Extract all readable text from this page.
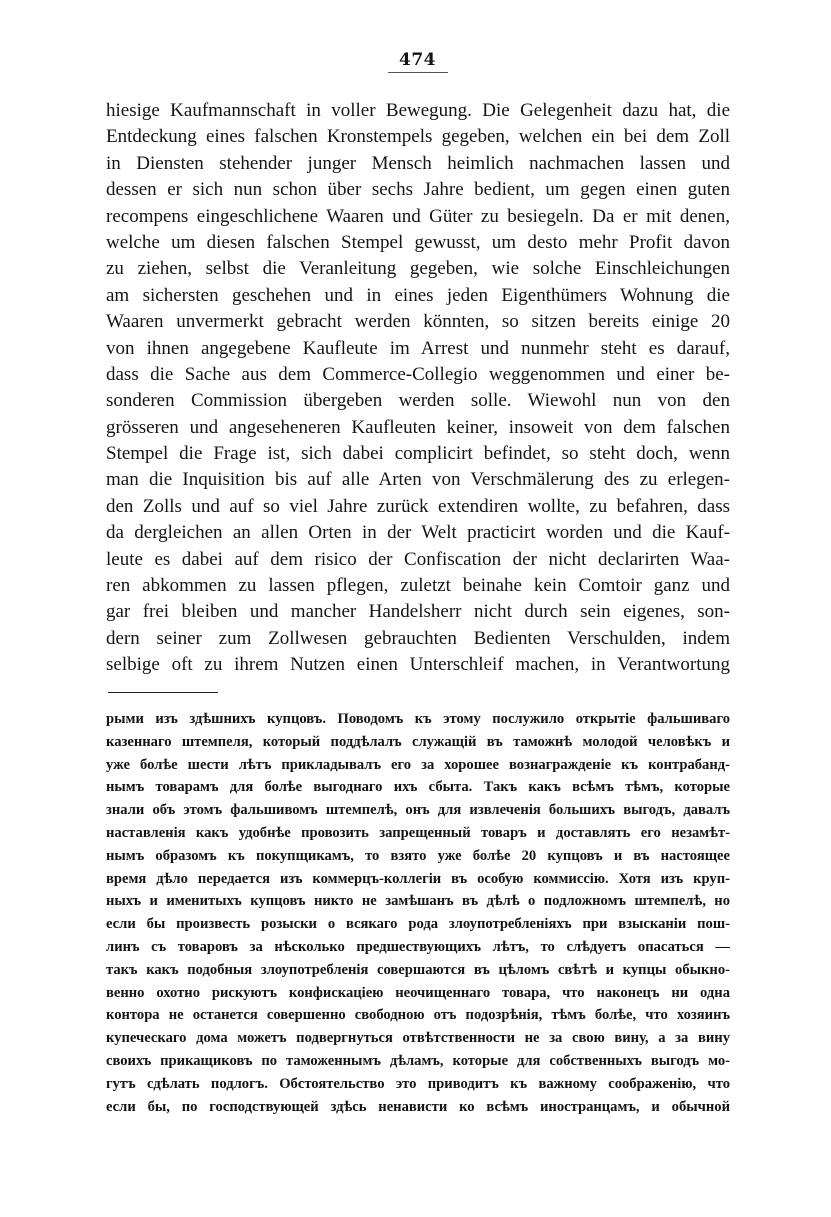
474
hiesige Kaufmannschaft in voller Bewegung. Die Gelegenheit dazu hat, die
Entdeckung eines falschen Kronstempels gegeben, welchen ein bei dem Zoll
in Diensten stehender junger Mensch heimlich nachmachen lassen und
dessen er sich nun schon über sechs Jahre bedient, um gegen einen guten
recompens eingeschlichene Waaren und Güter zu besiegeln. Da er mit denen,
welche um diesen falschen Stempel gewusst, um desto mehr Profit davon
zu ziehen, selbst die Veranleitung gegeben, wie solche Einschleichungen
am sichersten geschehen und in eines jeden Eigenthümers Wohnung die
Waaren unvermerkt gebracht werden könnten, so sitzen bereits einige 20
von ihnen angegebene Kaufleute im Arrest und nunmehr steht es darauf,
dass die Sache aus dem Commerce-Collegio weggenommen und einer be-
sonderen Commission übergeben werden solle. Wiewohl nun von den
grösseren und angeseheneren Kaufleuten keiner, insoweit von dem falschen
Stempel die Frage ist, sich dabei complicirt befindet, so steht doch, wenn
man die Inquisition bis auf alle Arten von Verschmälerung des zu erlegen-
den Zolls und auf so viel Jahre zurück extendiren wollte, zu befahren, dass
da dergleichen an allen Orten in der Welt practicirt worden und die Kauf-
leute es dabei auf dem risico der Confiscation der nicht declarirten Waa-
ren abkommen zu lassen pflegen, zuletzt beinahe kein Comtoir ganz und
gar frei bleiben und mancher Handelsherr nicht durch sein eigenes, son-
dern seiner zum Zollwesen gebrauchten Bedienten Verschulden, indem
selbige oft zu ihrem Nutzen einen Unterschleif machen, in Verantwortung
рыми изъ здѣшнихъ купцовъ. Поводомъ къ этому послужило открытіе фальшиваго
казеннаго штемпеля, который поддѣлалъ служащій въ таможнѣ молодой человѣкъ и
уже болѣе шести лѣтъ прикладывалъ его за хорошее вознагражденіе къ контрабанд-
нымъ товарамъ для болѣе выгоднаго ихъ сбыта. Такъ какъ всѣмъ тѣмъ, которые
знали объ этомъ фальшивомъ штемпелѣ, онъ для извлеченія большихъ выгодъ, давалъ
наставленія какъ удобнѣе провозить запрещенный товаръ и доставлять его незамѣт-
нымъ образомъ къ покупщикамъ, то взято уже болѣе 20 купцовъ и въ настоящее
время дѣло передается изъ коммерцъ-коллегіи въ особую коммиссію. Хотя изъ круп-
ныхъ и именитыхъ купцовъ никто не замѣшанъ въ дѣлѣ о подложномъ штемпелѣ, но
если бы произвесть розыски о всякаго рода злоупотребленіяхъ при взысканіи пош-
линъ съ товаровъ за нѣсколько предшествующихъ лѣтъ, то слѣдуетъ опасаться —
такъ какъ подобныя злоупотребленія совершаются въ цѣломъ свѣтѣ и купцы обыкно-
венно охотно рискуютъ конфискаціею неочищеннаго товара, что наконецъ ни одна
контора не останется совершенно свободною отъ подозрѣнія, тѣмъ болѣе, что хозяинъ
купеческаго дома можетъ подвергнуться отвѣтственности не за свою вину, а за вину
своихъ прикащиковъ по таможеннымъ дѣламъ, которые для собственныхъ выгодъ мо-
гутъ сдѣлать подлогъ. Обстоятельство это приводитъ къ важному соображенію, что
если бы, по господствующей здѣсь ненависти ко всѣмъ иностранцамъ, и обычной
